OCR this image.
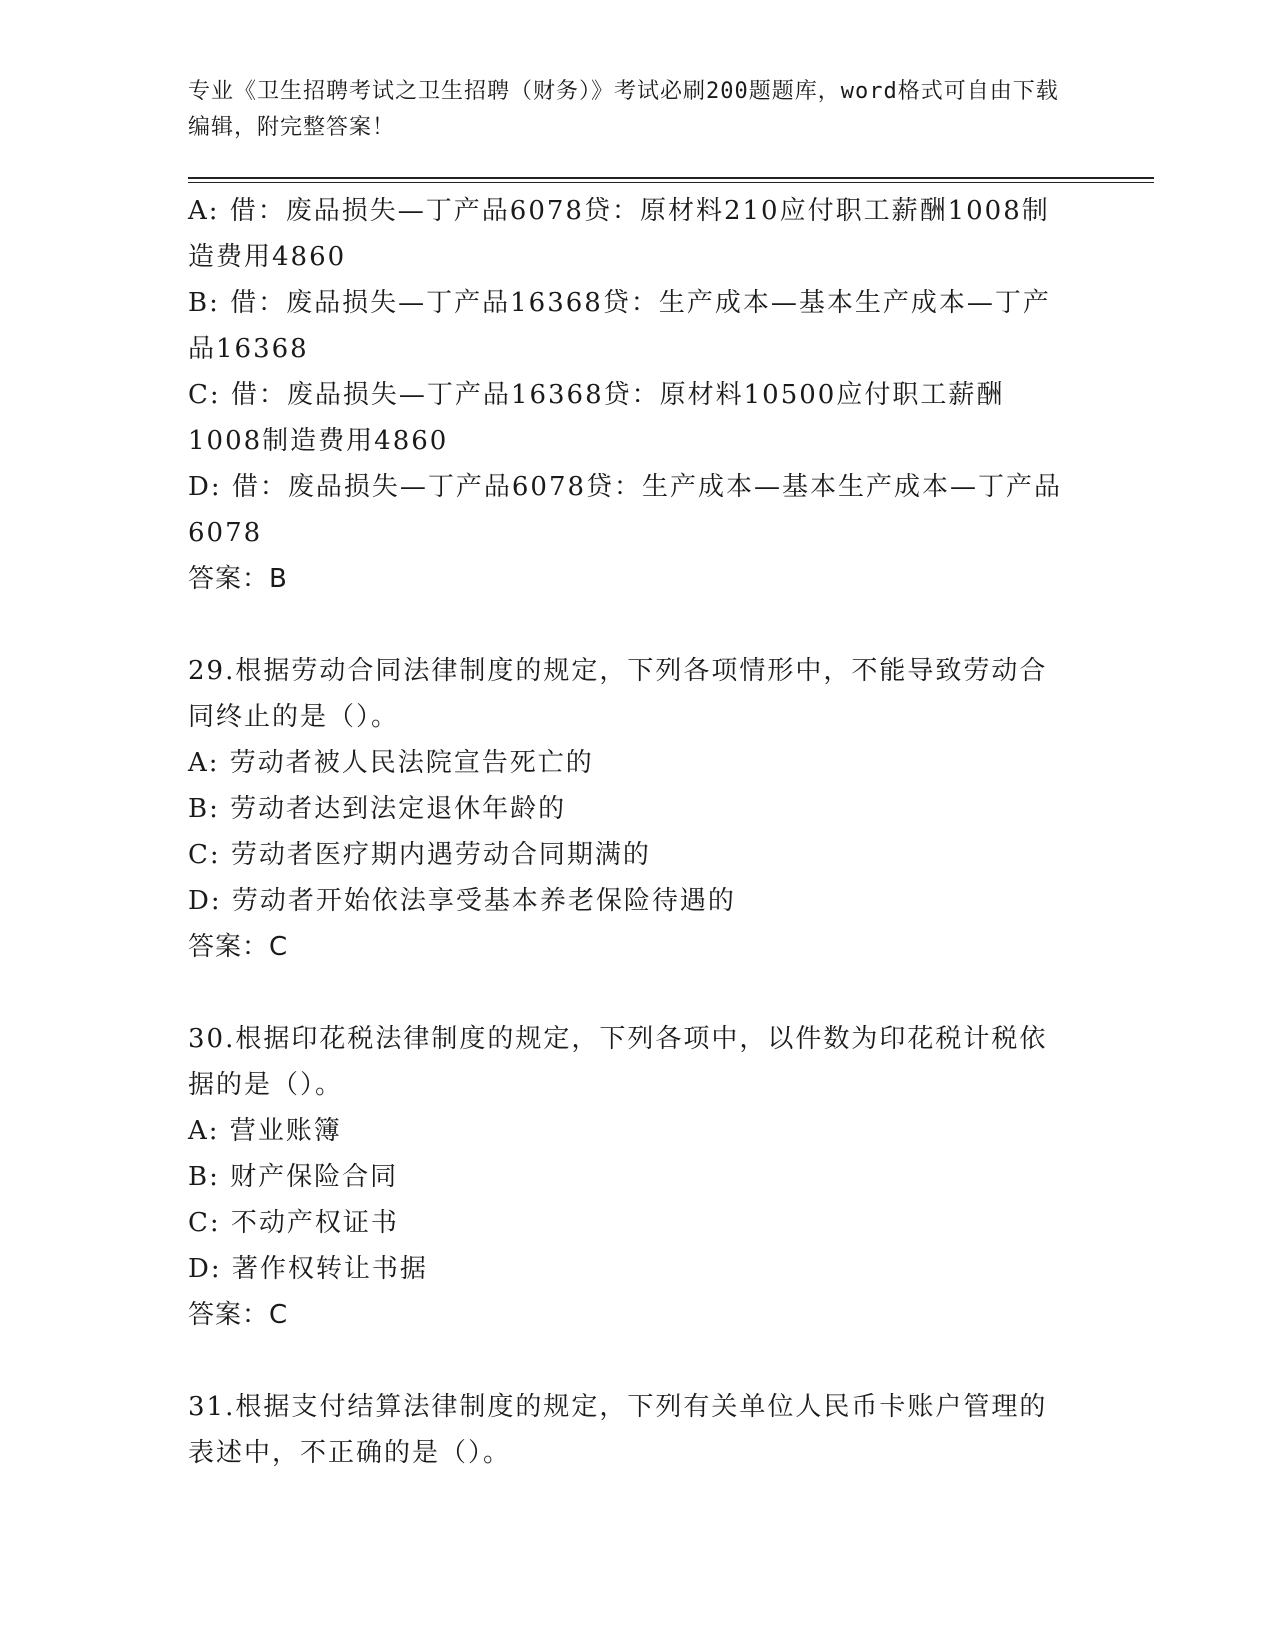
专业《卫生招聘考试之卫生招聘（财务）》考试必刷200题题库，word格式可自由下载编辑，附完整答案！
A: 借：废品损失—丁产品6078贷：原材料210应付职工薪酬1008制造费用4860
B: 借：废品损失—丁产品16368贷：生产成本—基本生产成本—丁产品16368
C: 借：废品损失—丁产品16368贷：原材料10500应付职工薪酬1008制造费用4860
D: 借：废品损失—丁产品6078贷：生产成本—基本生产成本—丁产品6078
答案：B
29.根据劳动合同法律制度的规定，下列各项情形中，不能导致劳动合同终止的是（）。
A: 劳动者被人民法院宣告死亡的
B: 劳动者达到法定退休年龄的
C: 劳动者医疗期内遇劳动合同期满的
D: 劳动者开始依法享受基本养老保险待遇的
答案：C
30.根据印花税法律制度的规定，下列各项中，以件数为印花税计税依据的是（）。
A: 营业账簿
B: 财产保险合同
C: 不动产权证书
D: 著作权转让书据
答案：C
31.根据支付结算法律制度的规定，下列有关单位人民币卡账户管理的表述中，不正确的是（）。
